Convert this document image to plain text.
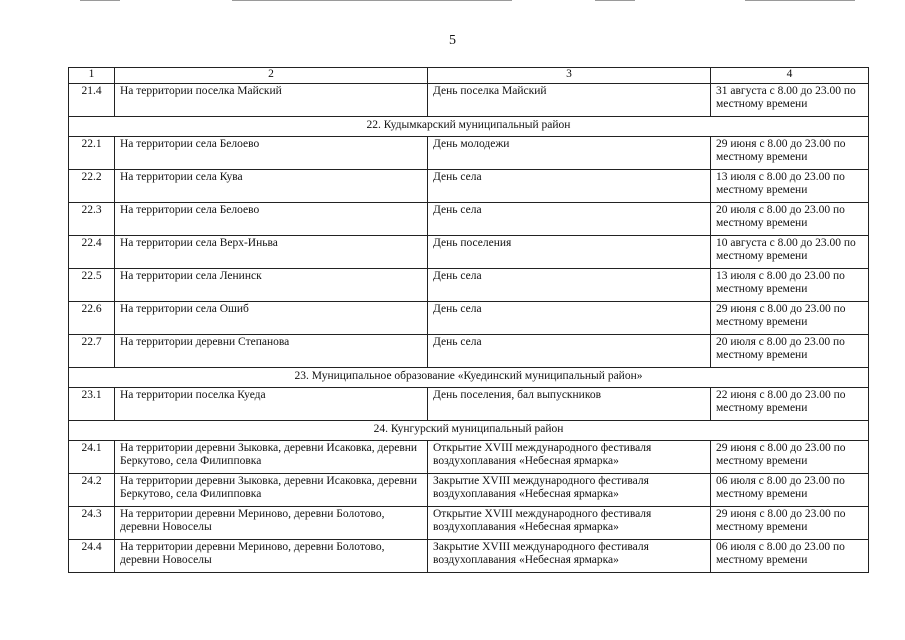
5
1	2	3	4
21.4	На территории поселка Майский	День поселка Майский	31 августа с 8.00 до 23.00 по местному времени
22. Кудымкарский муниципальный район			
22.1	На территории села Белоево	День молодежи	29 июня с 8.00 до 23.00 по местному времени
22.2	На территории села Кува	День села	13 июля с 8.00 до 23.00 по местному времени
22.3	На территории села Белоево	День села	20 июля с 8.00 до 23.00 по местному времени
22.4	На территории села Верх-Иньва	День поселения	10 августа с 8.00 до 23.00 по местному времени
22.5	На территории села Ленинск	День села	13 июля с 8.00 до 23.00 по местному времени
22.6	На территории села Ошиб	День села	29 июня с 8.00 до 23.00 по местному времени
22.7	На территории деревни Степанова	День села	20 июля с 8.00 до 23.00 по местному времени
23. Муниципальное образование «Куединский муниципальный район»			
23.1	На территории поселка Куеда	День поселения, бал выпускников	22 июня с 8.00 до 23.00 по местному времени
24. Кунгурский муниципальный район			
24.1	На территории деревни Зыковка, деревни Исаковка, деревни Беркутово, села Филипповка	Открытие XVIII международного фестиваля воздухоплавания «Небесная ярмарка»	29 июня с 8.00 до 23.00 по местному времени
24.2	На территории деревни Зыковка, деревни Исаковка, деревни Беркутово, села Филипповка	Закрытие XVIII международного фестиваля воздухоплавания «Небесная ярмарка»	06 июля с 8.00 до 23.00 по местному времени
24.3	На территории деревни Мериново, деревни Болотово, деревни Новоселы	Открытие XVIII международного фестиваля воздухоплавания «Небесная ярмарка»	29 июня с 8.00 до 23.00 по местному времени
24.4	На территории деревни Мериново, деревни Болотово, деревни Новоселы	Закрытие XVIII международного фестиваля воздухоплавания «Небесная ярмарка»	06 июля с 8.00 до 23.00 по местному времени
